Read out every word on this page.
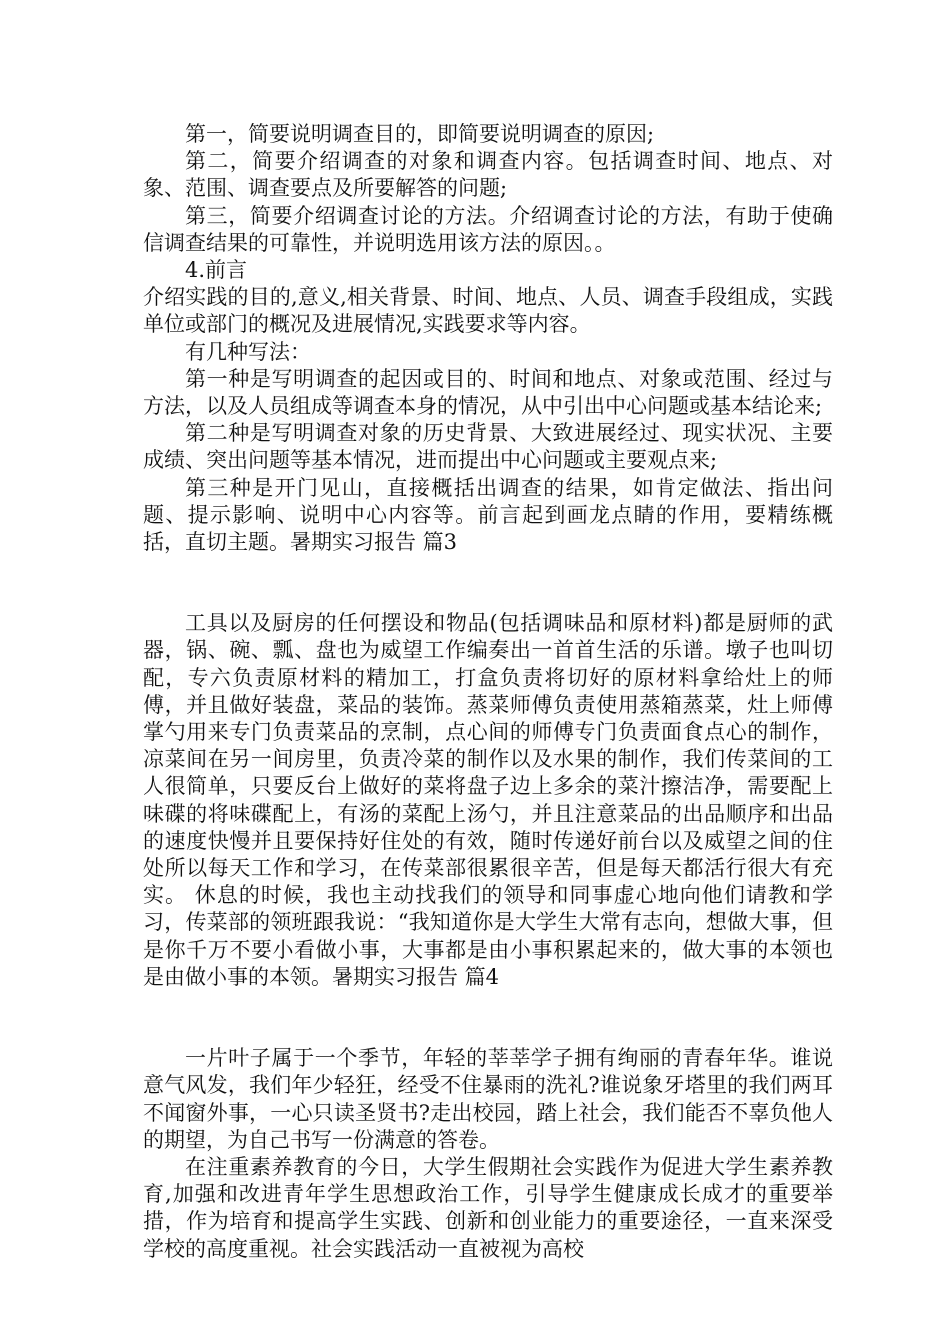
第一，简要说明调查目的，即简要说明调查的原因;

第二，简要介绍调查的对象和调查内容。包括调查时间、地点、对象、范围、调查要点及所要解答的问题;

第三，简要介绍调查讨论的方法。介绍调查讨论的方法，有助于使确信调查结果的可靠性，并说明选用该方法的原因。。

4.前言

介绍实践的目的,意义,相关背景、时间、地点、人员、调查手段组成，实践单位或部门的概况及进展情况,实践要求等内容。

有几种写法：

第一种是写明调查的起因或目的、时间和地点、对象或范围、经过与方法，以及人员组成等调查本身的情况，从中引出中心问题或基本结论来;

第二种是写明调查对象的历史背景、大致进展经过、现实状况、主要成绩、突出问题等基本情况，进而提出中心问题或主要观点来;

第三种是开门见山，直接概括出调查的结果，如肯定做法、指出问题、提示影响、说明中心内容等。前言起到画龙点睛的作用，要精练概括，直切主题。暑期实习报告 篇3

工具以及厨房的任何摆设和物品(包括调味品和原材料)都是厨师的武器，锅、碗、瓢、盘也为威望工作编奏出一首首生活的乐谱。墩子也叫切配，专六负责原材料的精加工，打盒负责将切好的原材料拿给灶上的师傅，并且做好装盘，菜品的装饰。蒸菜师傅负责使用蒸箱蒸菜，灶上师傅掌勺用来专门负责菜品的烹制，点心间的师傅专门负责面食点心的制作，凉菜间在另一间房里，负责冷菜的制作以及水果的制作，我们传菜间的工人很简单，只要反台上做好的菜将盘子边上多余的菜汁擦洁净，需要配上味碟的将味碟配上，有汤的菜配上汤勺，并且注意菜品的出品顺序和出品的速度快慢并且要保持好住处的有效，随时传递好前台以及威望之间的住处所以每天工作和学习，在传菜部很累很辛苦，但是每天都活行很大有充实。 休息的时候，我也主动找我们的领导和同事虚心地向他们请教和学习，传菜部的领班跟我说：“我知道你是大学生大常有志向，想做大事，但是你千万不要小看做小事，大事都是由小事积累起来的，做大事的本领也是由做小事的本领。暑期实习报告 篇4

一片叶子属于一个季节，年轻的莘莘学子拥有绚丽的青春年华。谁说意气风发，我们年少轻狂，经受不住暴雨的洗礼?谁说象牙塔里的我们两耳不闻窗外事，一心只读圣贤书?走出校园，踏上社会，我们能否不辜负他人的期望，为自己书写一份满意的答卷。

在注重素养教育的今日，大学生假期社会实践作为促进大学生素养教育,加强和改进青年学生思想政治工作，引导学生健康成长成才的重要举措，作为培育和提高学生实践、创新和创业能力的重要途径，一直来深受学校的高度重视。社会实践活动一直被视为高校
